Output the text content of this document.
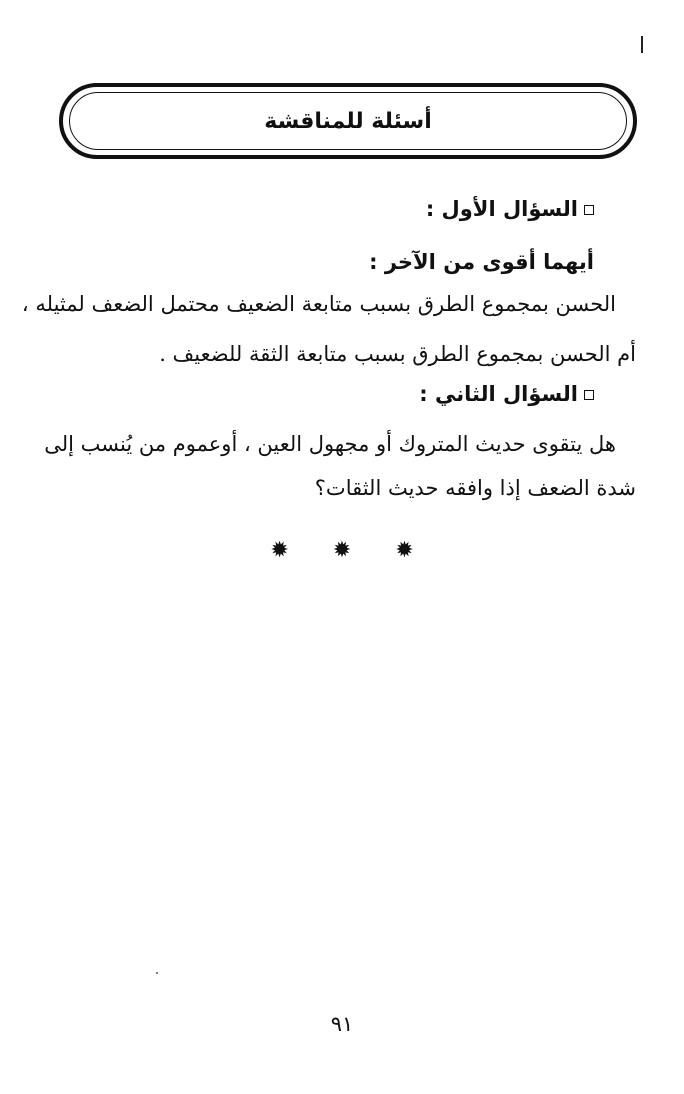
أسئلة للمناقشة
السؤال الأول :
أيهما أقوى من الآخر :
الحسن بمجموع الطرق بسبب متابعة الضعيف محتمل الضعف لمثيله ،
أم الحسن بمجموع الطرق بسبب متابعة الثقة للضعيف .
السؤال الثاني :
هل يتقوى حديث المتروك أو مجهول العين ، أوعموم من يُنسب إلى
شدة الضعف إذا وافقه حديث الثقات؟
✹ ✹ ✹
٩١
